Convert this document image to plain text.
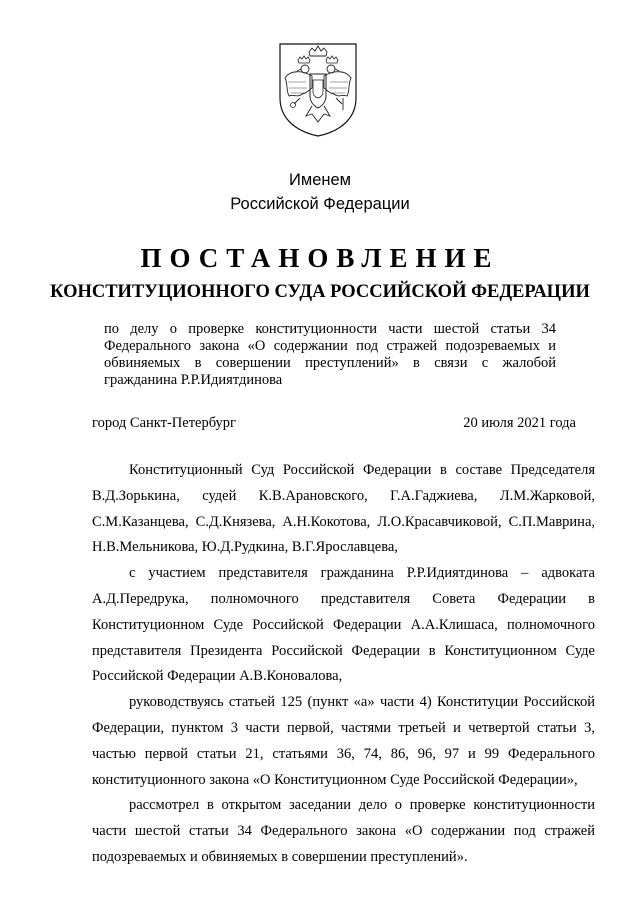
Именем
Российской Федерации
ПОСТАНОВЛЕНИЕ
КОНСТИТУЦИОННОГО СУДА РОССИЙСКОЙ ФЕДЕРАЦИИ
по делу о проверке конституционности части шестой статьи 34 Федерального закона «О содержании под стражей подозреваемых и обвиняемых в совершении преступлений» в связи с жалобой гражданина Р.Р.Идиятдинова
город Санкт-Петербург	20 июля 2021 года

Конституционный Суд Российской Федерации в составе Председателя В.Д.Зорькина, судей К.В.Арановского, Г.А.Гаджиева, Л.М.Жарковой, С.М.Казанцева, С.Д.Князева, А.Н.Кокотова, Л.О.Красавчиковой, С.П.Маврина, Н.В.Мельникова, Ю.Д.Рудкина, В.Г.Ярославцева,

с участием представителя гражданина Р.Р.Идиятдинова – адвоката А.Д.Передрука, полномочного представителя Совета Федерации в Конституционном Суде Российской Федерации А.А.Клишаса, полномочного представителя Президента Российской Федерации в Конституционном Суде Российской Федерации А.В.Коновалова,

руководствуясь статьей 125 (пункт «а» части 4) Конституции Российской Федерации, пунктом 3 части первой, частями третьей и четвертой статьи 3, частью первой статьи 21, статьями 36, 74, 86, 96, 97 и 99 Федерального конституционного закона «О Конституционном Суде Российской Федерации»,

рассмотрел в открытом заседании дело о проверке конституционности части шестой статьи 34 Федерального закона «О содержании под стражей подозреваемых и обвиняемых в совершении преступлений».
